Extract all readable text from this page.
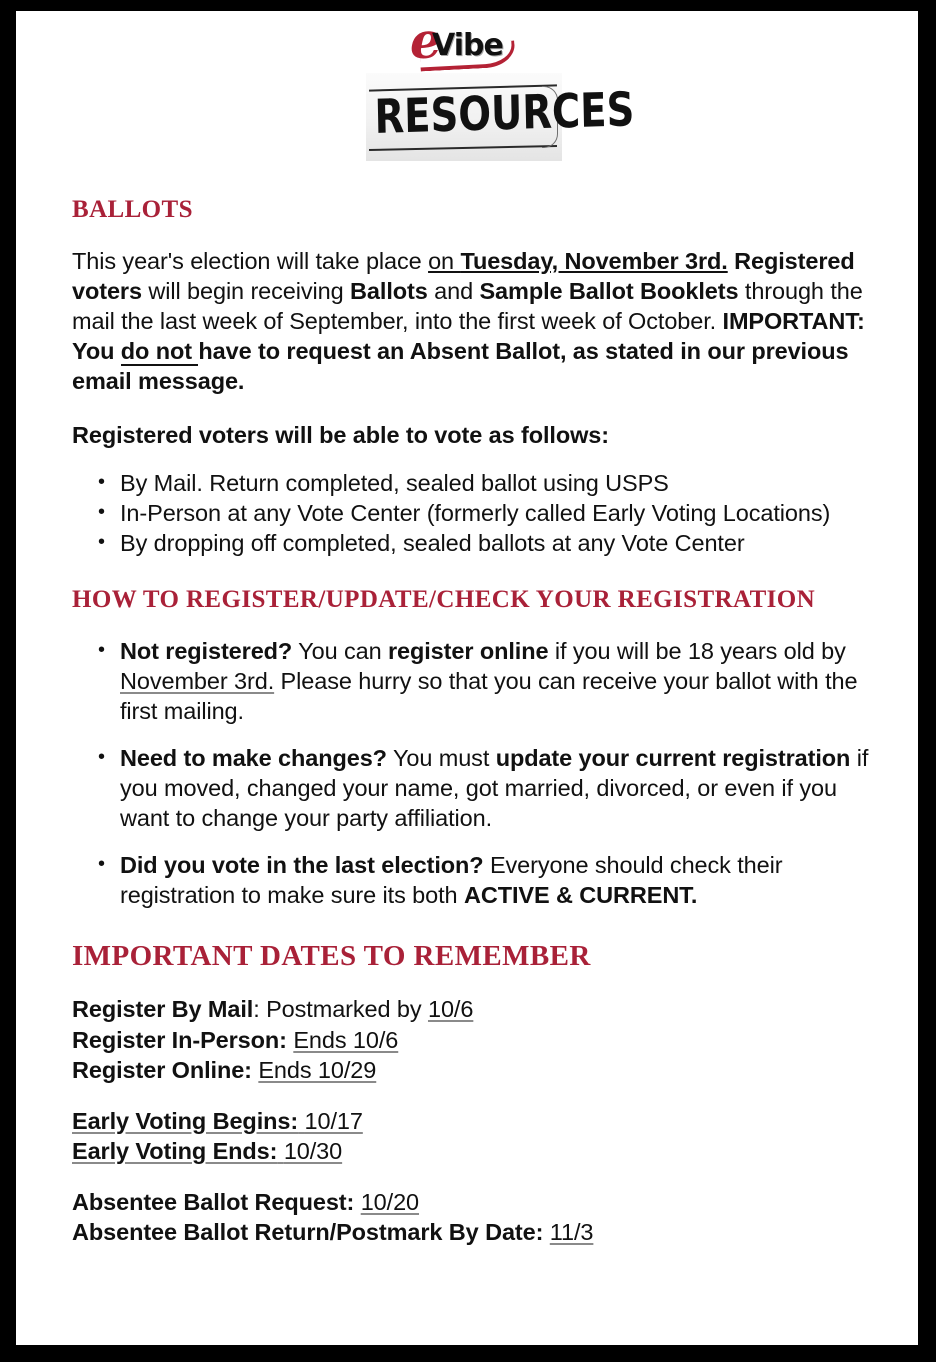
e
Vibe
RESOURCES
BALLOTS

This year's election will take place on Tuesday, November 3rd. Registered voters will begin receiving Ballots and Sample Ballot Booklets through the mail the last week of September, into the first week of October. IMPORTANT: You do not have to request an Absent Ballot, as stated in our previous email message.

Registered voters will be able to vote as follows:

• By Mail. Return completed, sealed ballot using USPS
• In-Person at any Vote Center (formerly called Early Voting Locations)
• By dropping off completed, sealed ballots at any Vote Center
HOW TO REGISTER/UPDATE/CHECK YOUR REGISTRATION
• Not registered? You can register online if you will be 18 years old by November 3rd. Please hurry so that you can receive your ballot with the first mailing.
• Need to make changes? You must update your current registration if you moved, changed your name, got married, divorced, or even if you want to change your party affiliation.
• Did you vote in the last election? Everyone should check their registration to make sure its both ACTIVE & CURRENT.
IMPORTANT DATES TO REMEMBER
Register By Mail: Postmarked by 10/6
Register In-Person: Ends 10/6
Register Online: Ends 10/29
Early Voting Begins: 10/17
Early Voting Ends: 10/30
Absentee Ballot Request: 10/20
Absentee Ballot Return/Postmark By Date: 11/3
